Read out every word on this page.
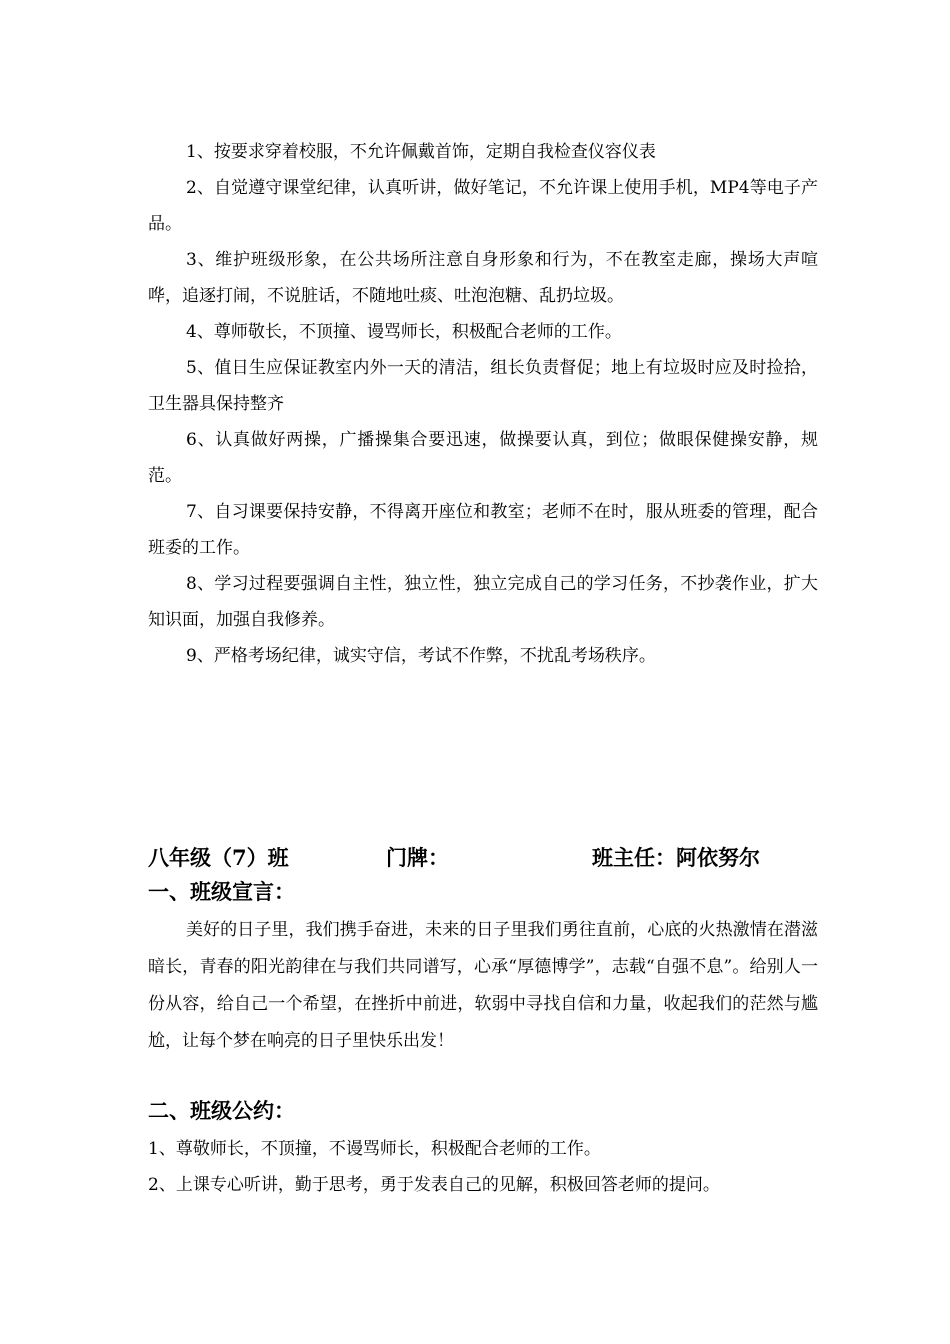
1、按要求穿着校服，不允许佩戴首饰，定期自我检查仪容仪表

2、自觉遵守课堂纪律，认真听讲，做好笔记，不允许课上使用手机，MP4等电子产品。

3、维护班级形象，在公共场所注意自身形象和行为，不在教室走廊，操场大声喧哗，追逐打闹，不说脏话，不随地吐痰、吐泡泡糖、乱扔垃圾。

4、尊师敬长，不顶撞、谩骂师长，积极配合老师的工作。

5、值日生应保证教室内外一天的清洁，组长负责督促；地上有垃圾时应及时捡拾，卫生器具保持整齐

6、认真做好两操，广播操集合要迅速，做操要认真，到位；做眼保健操安静，规范。

7、自习课要保持安静，不得离开座位和教室；老师不在时，服从班委的管理，配合班委的工作。

8、学习过程要强调自主性，独立性，独立完成自己的学习任务，不抄袭作业，扩大知识面，加强自我修养。

9、严格考场纪律，诚实守信，考试不作弊，不扰乱考场秩序。

八年级（7）班	门牌：	班主任：阿依努尔
一、班级宣言：

美好的日子里，我们携手奋进，未来的日子里我们勇往直前，心底的火热激情在潜滋暗长，青春的阳光韵律在与我们共同谱写，心承“厚德博学”，志载“自强不息”。给别人一份从容，给自己一个希望，在挫折中前进，软弱中寻找自信和力量，收起我们的茫然与尴尬，让每个梦在响亮的日子里快乐出发！

二、班级公约：

1、尊敬师长，不顶撞，不谩骂师长，积极配合老师的工作。

2、上课专心听讲，勤于思考，勇于发表自己的见解，积极回答老师的提问。
